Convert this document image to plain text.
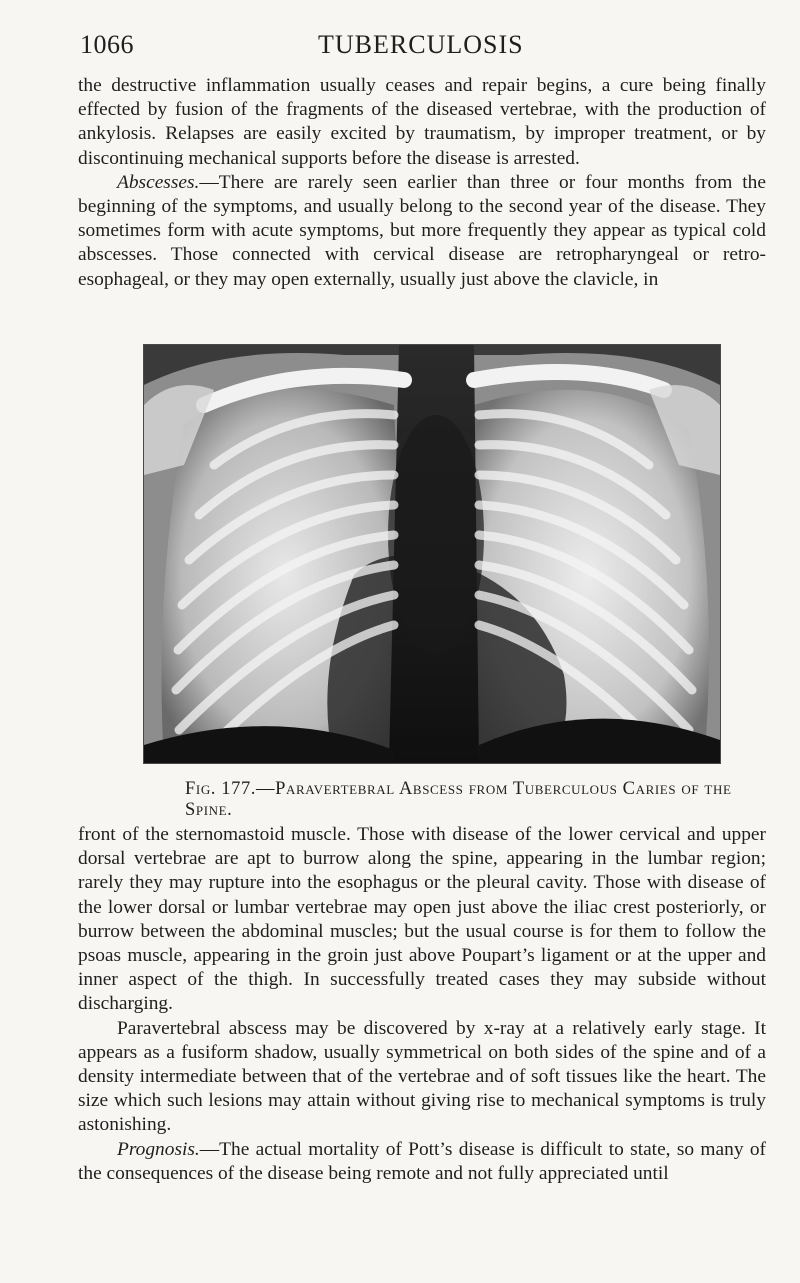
1066	TUBERCULOSIS

the destructive inflammation usually ceases and repair begins, a cure being finally effected by fusion of the fragments of the diseased vertebrae, with the production of ankylosis. Relapses are easily excited by traumatism, by improper treatment, or by discontinuing mechanical supports before the disease is arrested.

Abscesses.—There are rarely seen earlier than three or four months from the beginning of the symptoms, and usually belong to the second year of the disease. They sometimes form with acute symptoms, but more frequently they appear as typical cold abscesses. Those connected with cervical disease are retropharyngeal or retro-esophageal, or they may open externally, usually just above the clavicle, in

Fig. 177.—Paravertebral Abscess from Tuberculous Caries of the Spine.

front of the sternomastoid muscle. Those with disease of the lower cervical and upper dorsal vertebrae are apt to burrow along the spine, appearing in the lumbar region; rarely they may rupture into the esophagus or the pleural cavity. Those with disease of the lower dorsal or lumbar vertebrae may open just above the iliac crest posteriorly, or burrow between the abdominal muscles; but the usual course is for them to follow the psoas muscle, appearing in the groin just above Poupart’s ligament or at the upper and inner aspect of the thigh. In successfully treated cases they may subside without discharging.

Paravertebral abscess may be discovered by x-ray at a relatively early stage. It appears as a fusiform shadow, usually symmetrical on both sides of the spine and of a density intermediate between that of the vertebrae and of soft tissues like the heart. The size which such lesions may attain without giving rise to mechanical symptoms is truly astonishing.

Prognosis.—The actual mortality of Pott’s disease is difficult to state, so many of the consequences of the disease being remote and not fully appreciated until
